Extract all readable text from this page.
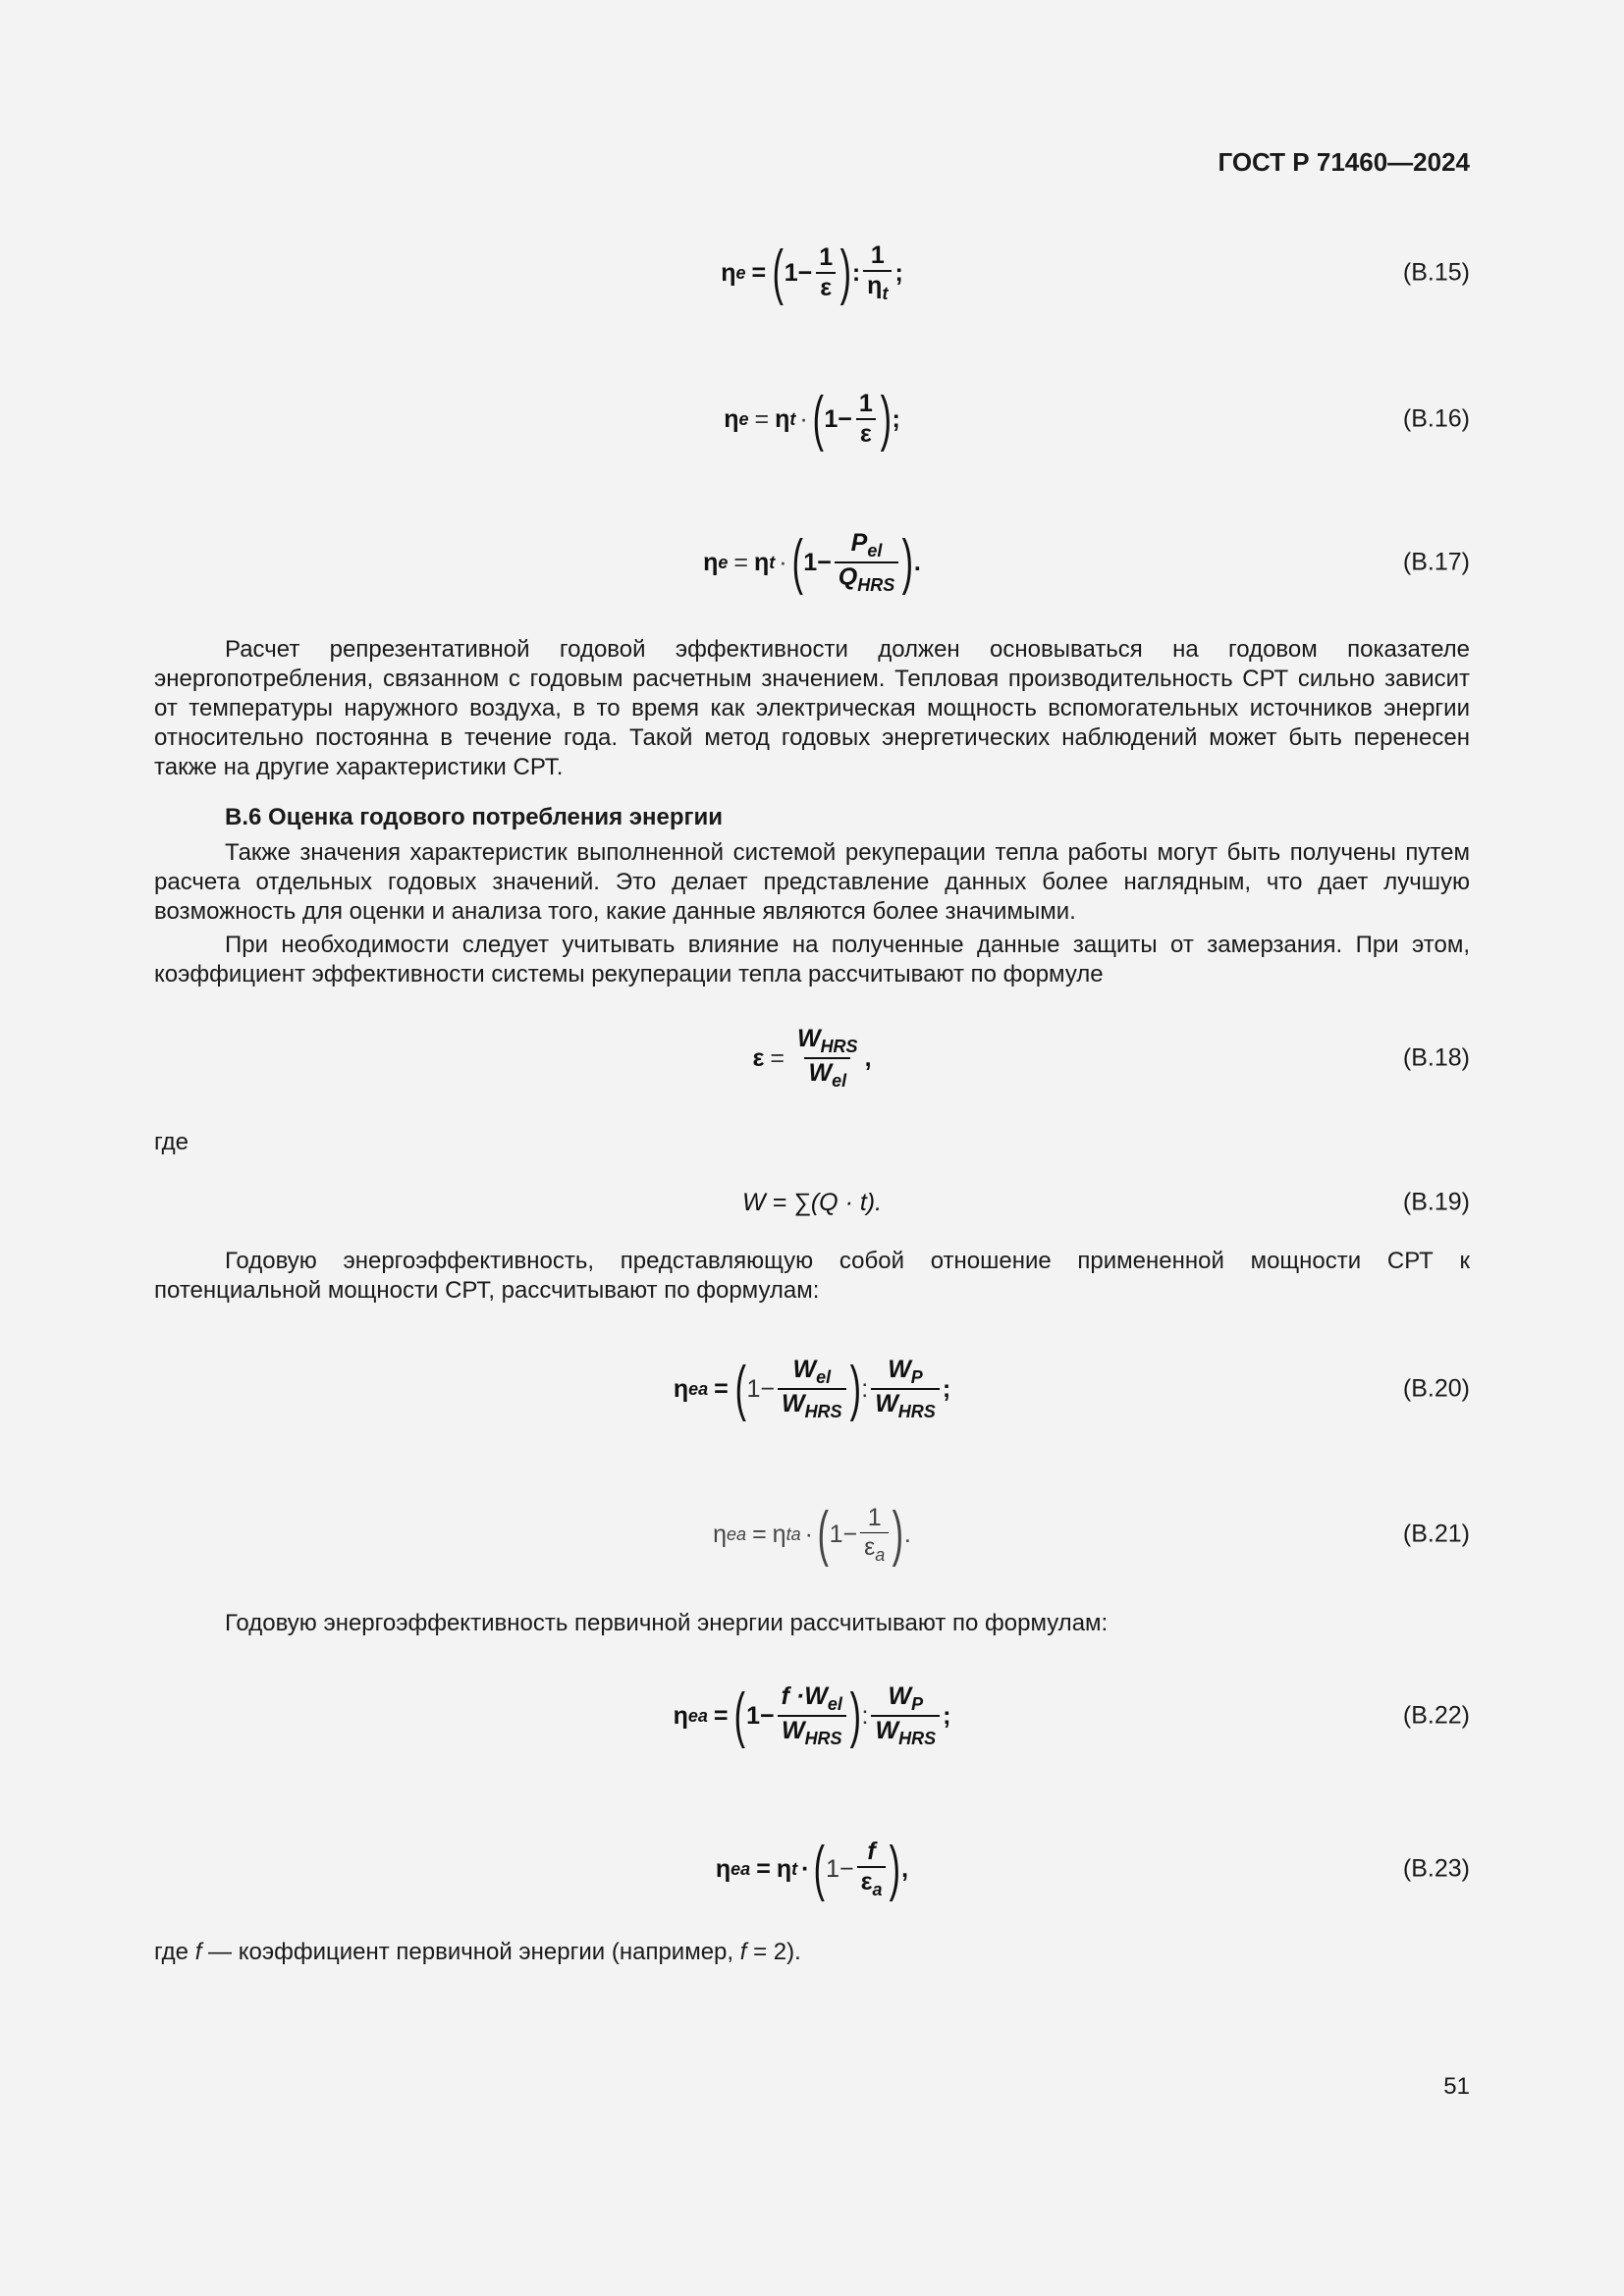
ГОСТ Р 71460—2024
η e = ( $1 - \frac{1}{\varepsilon}$ ) : $\frac{1}{\eta_t}$ ;	(В.15)
η e = η t · ( $1 - \frac{1}{\varepsilon}$ ) ;	(В.16)
η e = η t · ( $1 - \frac{P_{el}}{Q_{HRS}}$ ) .	(В.17)
Расчет репрезентативной годовой эффективности должен основываться на годовом показателе энергопотребления, связанном с годовым расчетным значением. Тепловая производительность СРТ сильно зависит от температуры наружного воздуха, в то время как электрическая мощность вспомогательных источников энергии относительно постоянна в течение года. Такой метод годовых энергетических наблюдений может быть перенесен также на другие характеристики СРТ.
В.6 Оценка годового потребления энергии
Также значения характеристик выполненной системой рекуперации тепла работы могут быть получены путем расчета отдельных годовых значений. Это делает представление данных более наглядным, что дает лучшую возможность для оценки и анализа того, какие данные являются более значимыми.
При необходимости следует учитывать влияние на полученные данные защиты от замерзания. При этом, коэффициент эффективности системы рекуперации тепла рассчитывают по формуле
$\varepsilon = \frac{W_{HRS}}{W_{el}}$ ,	(В.18)
где
W = ∑(Q · t).	(В.19)
Годовую энергоэффективность, представляющую собой отношение примененной мощности СРТ к потенциальной мощности СРТ, рассчитывают по формулам:
η ea = ( $1 - \frac{W_{el}}{W_{HRS}}$ ) : $\frac{W_P}{W_{HRS}}$ ;	(В.20)
η ea = η ta · ( $1 - \frac{1}{\varepsilon_a}$ ) .	(В.21)
Годовую энергоэффективность первичной энергии рассчитывают по формулам:
η ea = ( $1 - \frac{f \cdot W_{el}}{W_{HRS}}$ ) : $\frac{W_P}{W_{HRS}}$ ;	(В.22)
η ea = η t · ( $1 - \frac{f}{\varepsilon_a}$ ) ,	(В.23)
где f — коэффициент первичной энергии (например, f = 2).
51
